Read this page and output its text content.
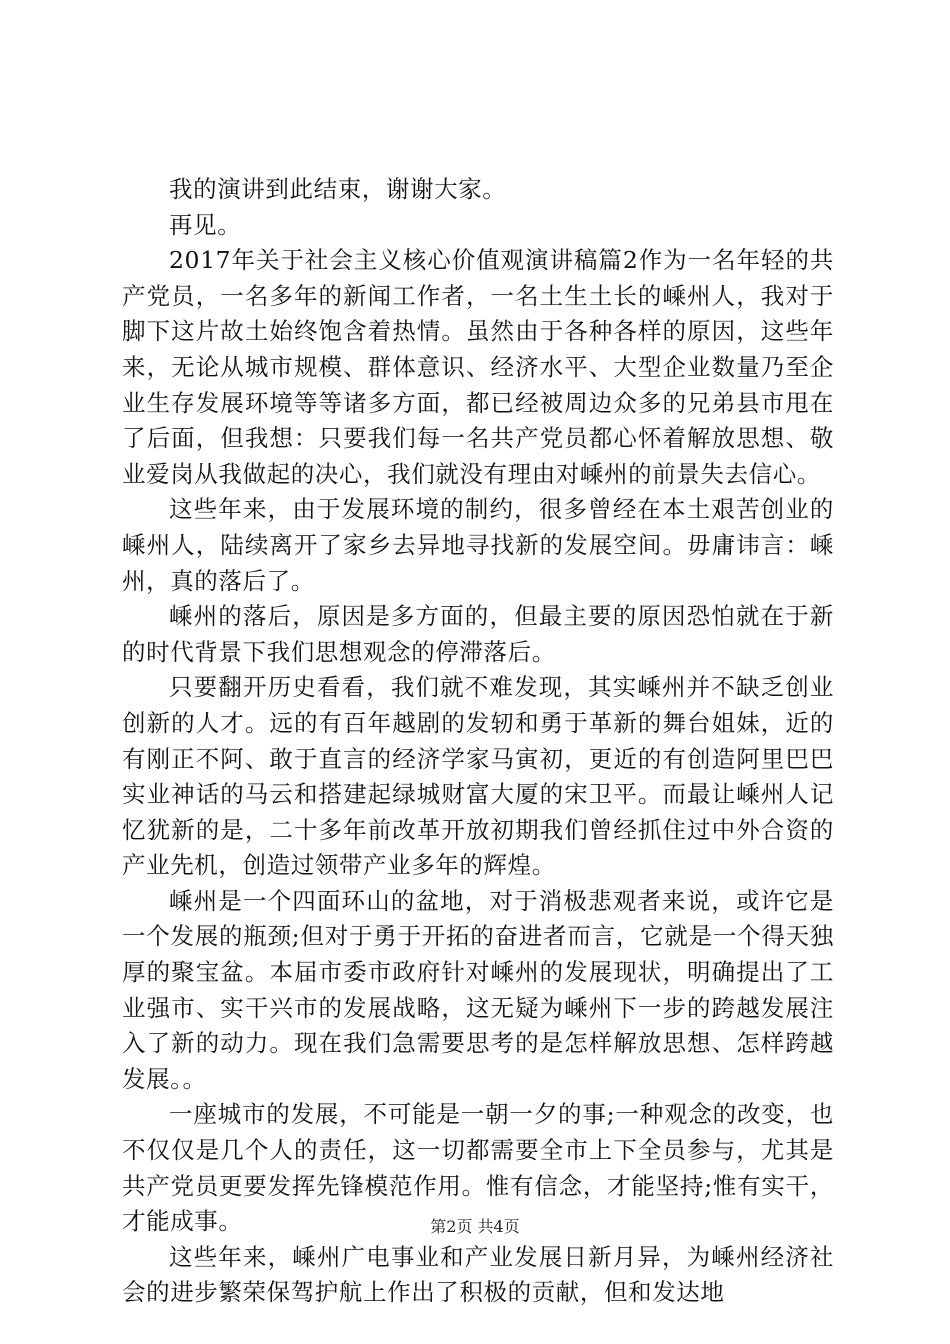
我的演讲到此结束，谢谢大家。

再见。

2017年关于社会主义核心价值观演讲稿篇2作为一名年轻的共产党员，一名多年的新闻工作者，一名土生土长的嵊州人，我对于脚下这片故土始终饱含着热情。虽然由于各种各样的原因，这些年来，无论从城市规模、群体意识、经济水平、大型企业数量乃至企业生存发展环境等等诸多方面，都已经被周边众多的兄弟县市甩在了后面，但我想：只要我们每一名共产党员都心怀着解放思想、敬业爱岗从我做起的决心，我们就没有理由对嵊州的前景失去信心。

这些年来，由于发展环境的制约，很多曾经在本土艰苦创业的嵊州人，陆续离开了家乡去异地寻找新的发展空间。毋庸讳言：嵊州，真的落后了。

嵊州的落后，原因是多方面的，但最主要的原因恐怕就在于新的时代背景下我们思想观念的停滞落后。

只要翻开历史看看，我们就不难发现，其实嵊州并不缺乏创业创新的人才。远的有百年越剧的发轫和勇于革新的舞台姐妹，近的有刚正不阿、敢于直言的经济学家马寅初，更近的有创造阿里巴巴实业神话的马云和搭建起绿城财富大厦的宋卫平。而最让嵊州人记忆犹新的是，二十多年前改革开放初期我们曾经抓住过中外合资的产业先机，创造过领带产业多年的辉煌。

嵊州是一个四面环山的盆地，对于消极悲观者来说，或许它是一个发展的瓶颈;但对于勇于开拓的奋进者而言，它就是一个得天独厚的聚宝盆。本届市委市政府针对嵊州的发展现状，明确提出了工业强市、实干兴市的发展战略，这无疑为嵊州下一步的跨越发展注入了新的动力。现在我们急需要思考的是怎样解放思想、怎样跨越发展。。

一座城市的发展，不可能是一朝一夕的事;一种观念的改变，也不仅仅是几个人的责任，这一切都需要全市上下全员参与，尤其是共产党员更要发挥先锋模范作用。惟有信念，才能坚持;惟有实干，才能成事。

这些年来，嵊州广电事业和产业发展日新月异，为嵊州经济社会的进步繁荣保驾护航上作出了积极的贡献，但和发达地

第2页 共4页
